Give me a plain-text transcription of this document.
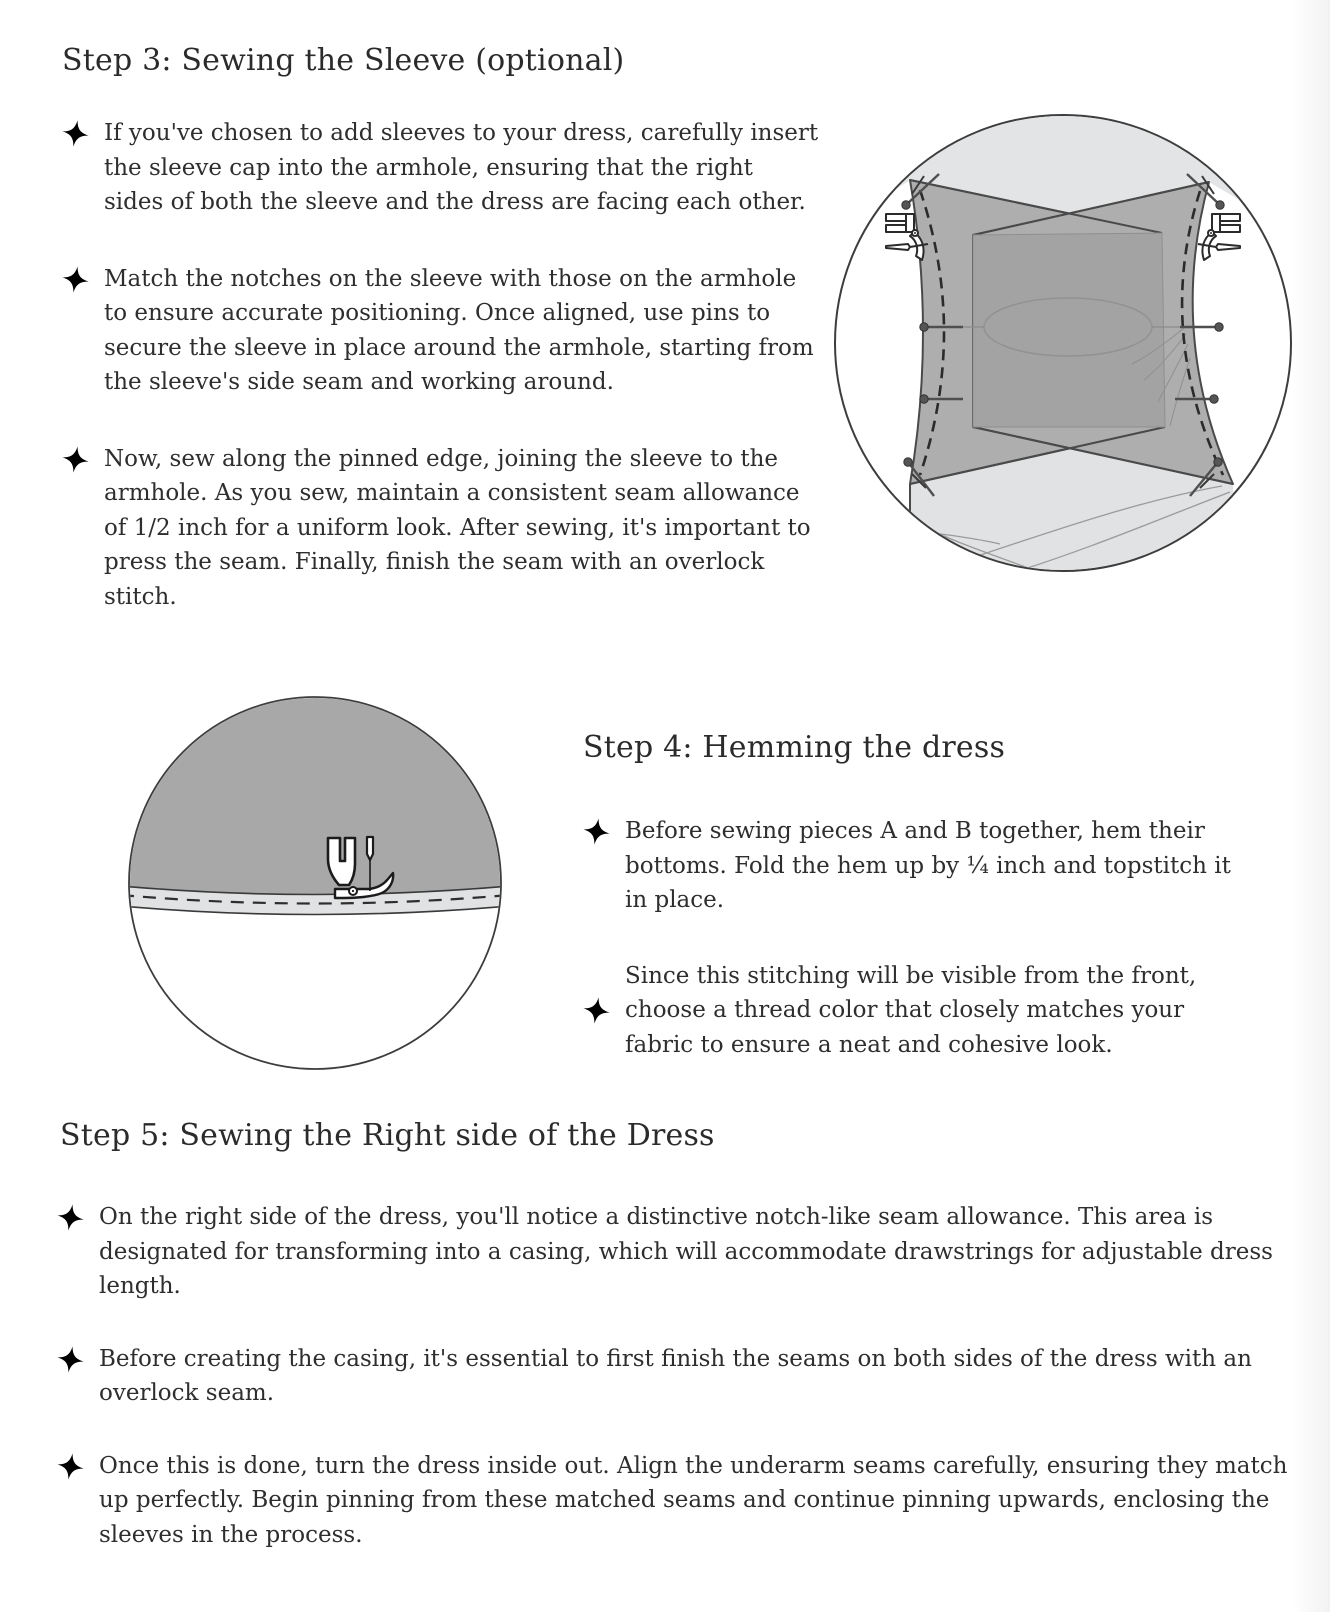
Step 3: Sewing the Sleeve (optional)

If you've chosen to add sleeves to your dress, carefully insert the sleeve cap into the armhole, ensuring that the right sides of both the sleeve and the dress are facing each other.

Match the notches on the sleeve with those on the armhole to ensure accurate positioning. Once aligned, use pins to secure the sleeve in place around the armhole, starting from the sleeve's side seam and working around.

Now, sew along the pinned edge, joining the sleeve to the armhole. As you sew, maintain a consistent seam allowance of 1/2 inch for a uniform look. After sewing, it's important to press the seam. Finally, finish the seam with an overlock stitch.

Step 4: Hemming the dress

Before sewing pieces A and B together, hem their bottoms. Fold the hem up by ¼ inch and topstitch it in place.

Since this stitching will be visible from the front, choose a thread color that closely matches your fabric to ensure a neat and cohesive look.

Step 5: Sewing the Right side of the Dress

On the right side of the dress, you'll notice a distinctive notch-like seam allowance. This area is designated for transforming into a casing, which will accommodate drawstrings for adjustable dress length.

Before creating the casing, it's essential to first finish the seams on both sides of the dress with an overlock seam.

Once this is done, turn the dress inside out. Align the underarm seams carefully, ensuring they match up perfectly. Begin pinning from these matched seams and continue pinning upwards, enclosing the sleeves in the process.
